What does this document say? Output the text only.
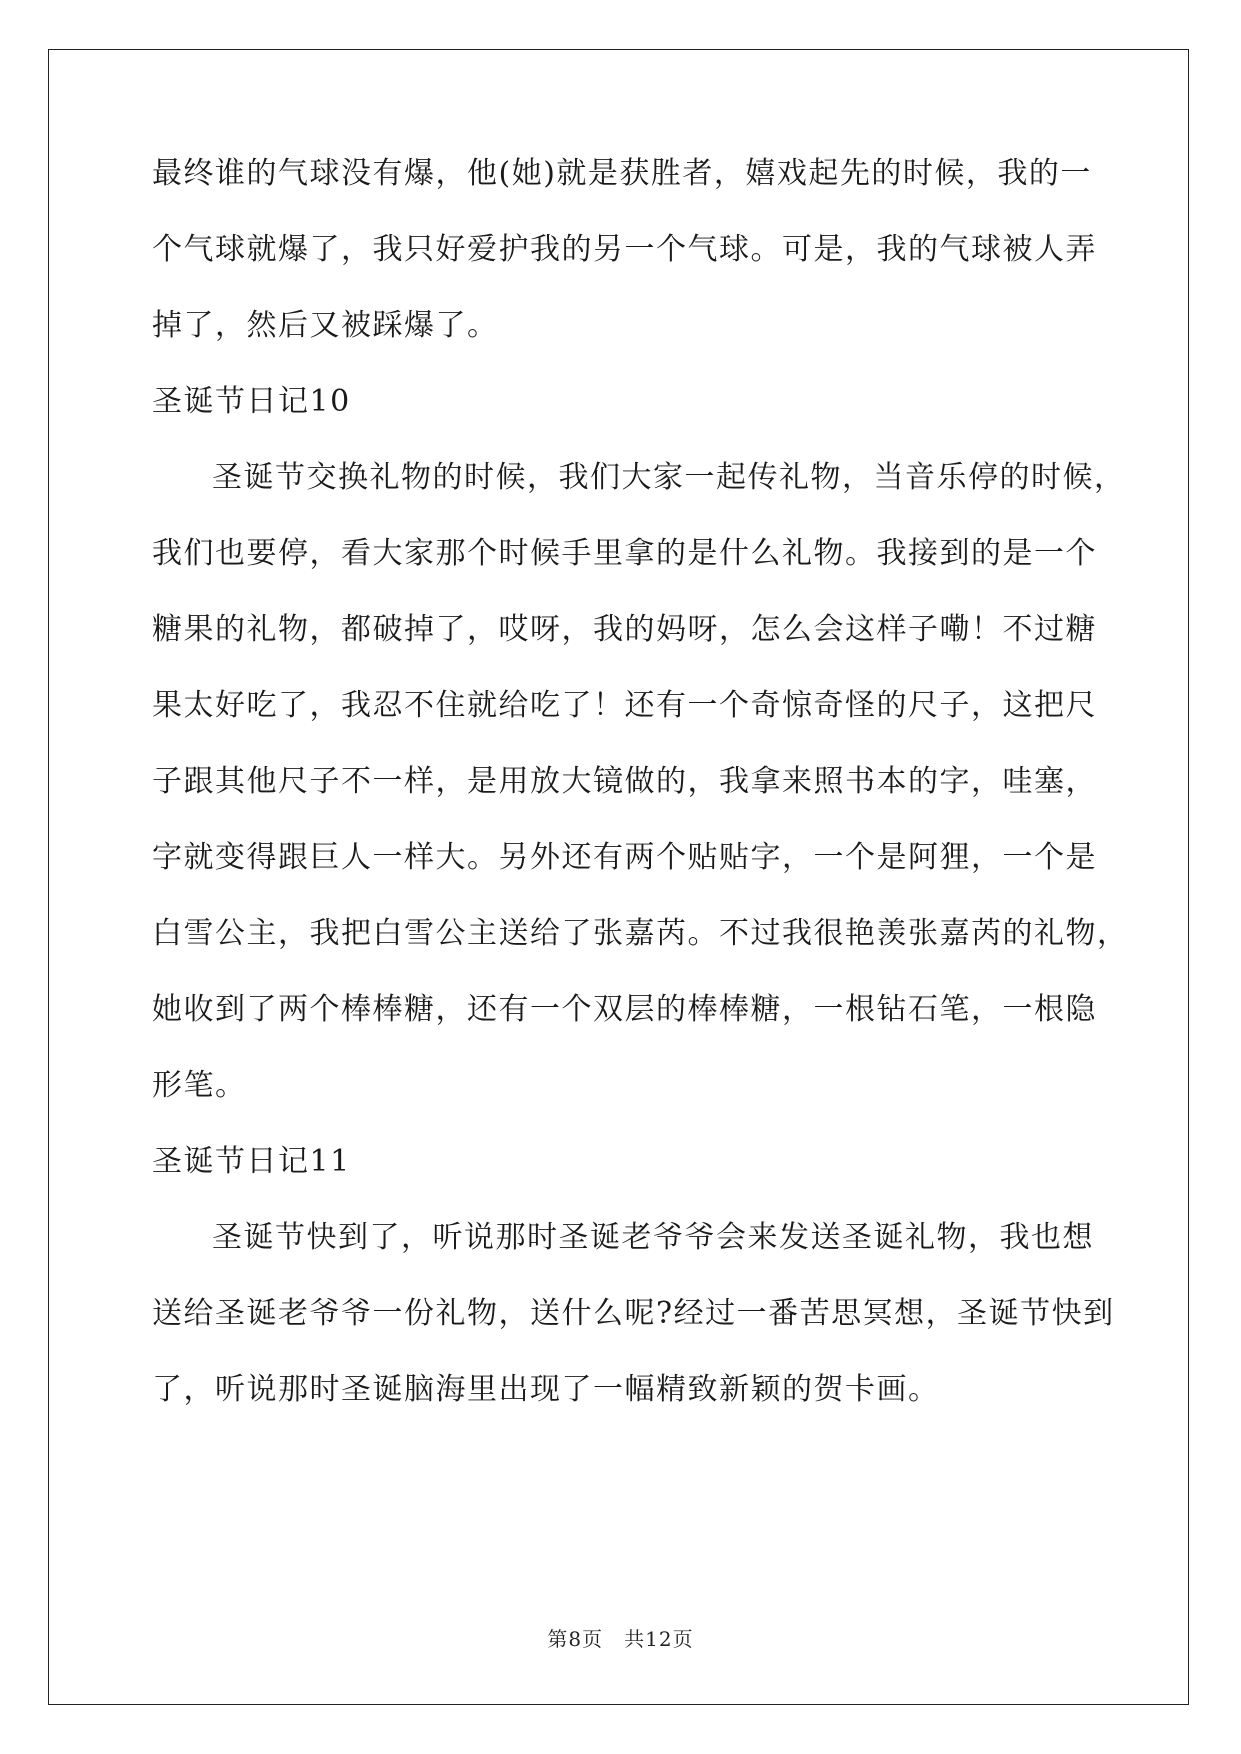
最终谁的气球没有爆，他(她)就是获胜者，嬉戏起先的时候，我的一
个气球就爆了，我只好爱护我的另一个气球。可是，我的气球被人弄
掉了，然后又被踩爆了。
圣诞节日记10
圣诞节交换礼物的时候，我们大家一起传礼物，当音乐停的时候，
我们也要停，看大家那个时候手里拿的是什么礼物。我接到的是一个
糖果的礼物，都破掉了，哎呀，我的妈呀，怎么会这样子嘞！不过糖
果太好吃了，我忍不住就给吃了！还有一个奇惊奇怪的尺子，这把尺
子跟其他尺子不一样，是用放大镜做的，我拿来照书本的字，哇塞，
字就变得跟巨人一样大。另外还有两个贴贴字，一个是阿狸，一个是
白雪公主，我把白雪公主送给了张嘉芮。不过我很艳羡张嘉芮的礼物，
她收到了两个棒棒糖，还有一个双层的棒棒糖，一根钻石笔，一根隐
形笔。
圣诞节日记11
圣诞节快到了，听说那时圣诞老爷爷会来发送圣诞礼物，我也想
送给圣诞老爷爷一份礼物，送什么呢?经过一番苦思冥想，圣诞节快到
了，听说那时圣诞脑海里出现了一幅精致新颖的贺卡画。
第8页　共12页
